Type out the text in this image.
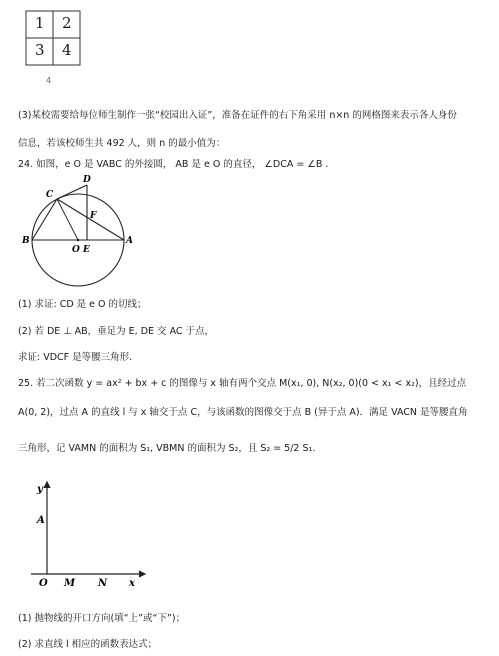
1 2
3 4
4
(3)某校需要给每位师生制作一张“校园出入证”，准备在证件的右下角采用 n×n 的网格图来表示各人身份
信息，若该校师生共 492 人，则 n 的最小值为：
24. 如图，e O 是 VABC 的外接圆， AB 是 e O 的直径， ∠DCA = ∠B .
D
C
F
B
O E
A
(1) 求证: CD 是 e O 的切线；
(2) 若 DE ⊥ AB，垂足为 E, DE 交 AC 于点，
求证: VDCF 是等腰三角形.
25. 若二次函数 y = ax² + bx + c 的图像与 x 轴有两个交点 M(x₁, 0), N(x₂, 0)(0 < x₁ < x₂)，且经过点
A(0, 2)，过点 A 的直线 l 与 x 轴交于点 C，与该函数的图像交于点 B (异于点 A)．满足 VACN 是等腰直角
三角形，记 VAMN 的面积为 S₁, VBMN 的面积为 S₂，且 S₂ = 5/2 S₁.
y
A
O M N x
(1) 抛物线的开口方向(填“上”或“下”)；
(2) 求直线 l 相应的函数表达式；
